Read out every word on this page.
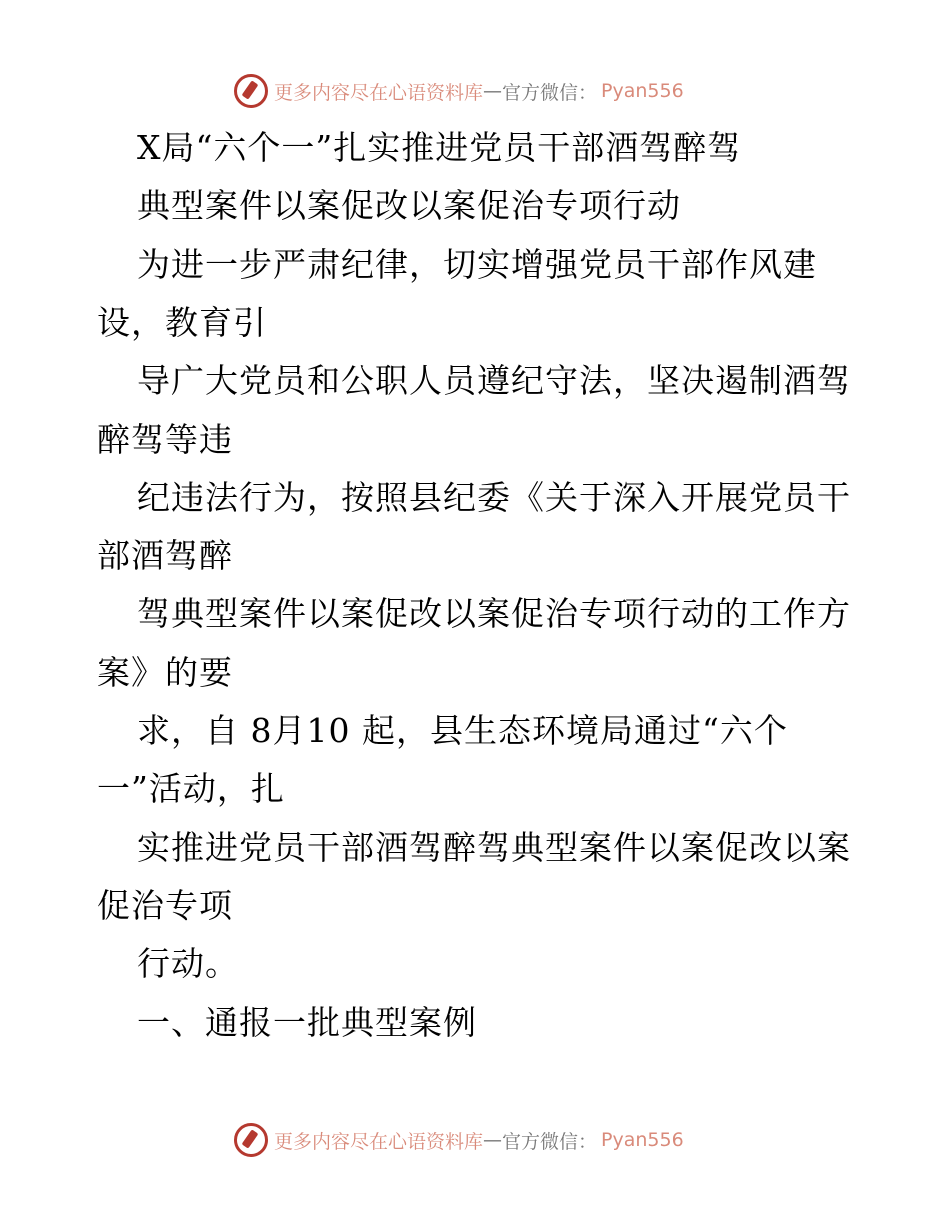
更多内容尽在心语资料库 — 官方微信： Pyan556
X局“六个一”扎实推进党员干部酒驾醉驾
典型案件以案促改以案促治专项行动
为进一步严肃纪律，切实增强党员干部作风建
设，教育引
导广大党员和公职人员遵纪守法，坚决遏制酒驾
醉驾等违
纪违法行为，按照县纪委《关于深入开展党员干
部酒驾醉
驾典型案件以案促改以案促治专项行动的工作方
案》的要
求，自 8月10 起，县生态环境局通过“六个
一”活动，扎
实推进党员干部酒驾醉驾典型案件以案促改以案
促治专项
行动。
一、通报一批典型案例
更多内容尽在心语资料库 — 官方微信： Pyan556
